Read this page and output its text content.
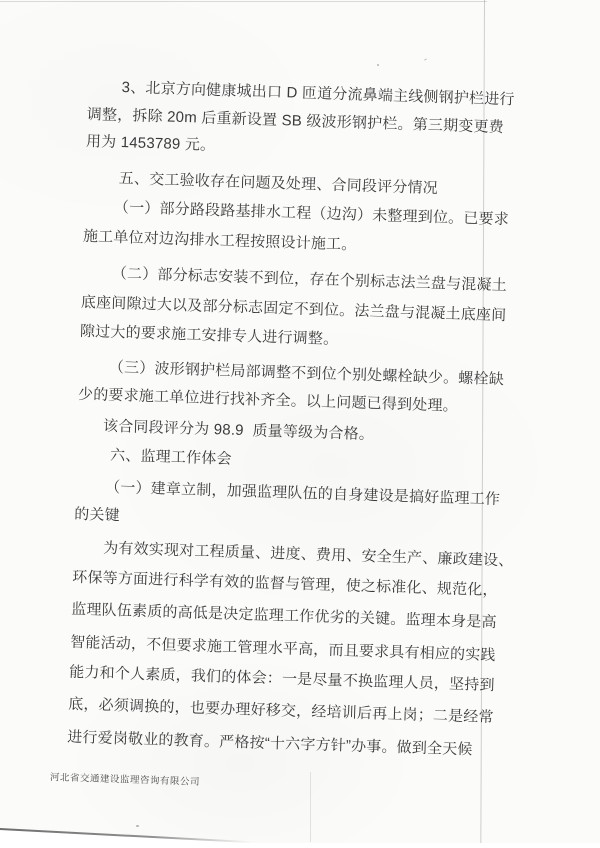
3、北京方向健康城出口 D 匝道分流鼻端主线侧钢护栏进行
调整，拆除 20m 后重新设置 SB 级波形钢护栏。第三期变更费
用为 1453789 元。
五、交工验收存在问题及处理、合同段评分情况
（一）部分路段路基排水工程（边沟）未整理到位。已要求
施工单位对边沟排水工程按照设计施工。
（二）部分标志安装不到位，存在个别标志法兰盘与混凝土
底座间隙过大以及部分标志固定不到位。法兰盘与混凝土底座间
隙过大的要求施工安排专人进行调整。
（三）波形钢护栏局部调整不到位个别处螺栓缺少。螺栓缺
少的要求施工单位进行找补齐全。以上问题已得到处理。
该合同段评分为 98.9  质量等级为合格。
六、监理工作体会
（一）建章立制，加强监理队伍的自身建设是搞好监理工作
的关键
为有效实现对工程质量、进度、费用、安全生产、廉政建设、
环保等方面进行科学有效的监督与管理，使之标准化、规范化，
监理队伍素质的高低是决定监理工作优劣的关键。监理本身是高
智能活动，不但要求施工管理水平高，而且要求具有相应的实践
能力和个人素质，我们的体会：一是尽量不换监理人员，坚持到
底，必须调换的，也要办理好移交，经培训后再上岗；二是经常
进行爱岗敬业的教育。严格按“十六字方针”办事。做到全天候
河北省交通建设监理咨询有限公司
